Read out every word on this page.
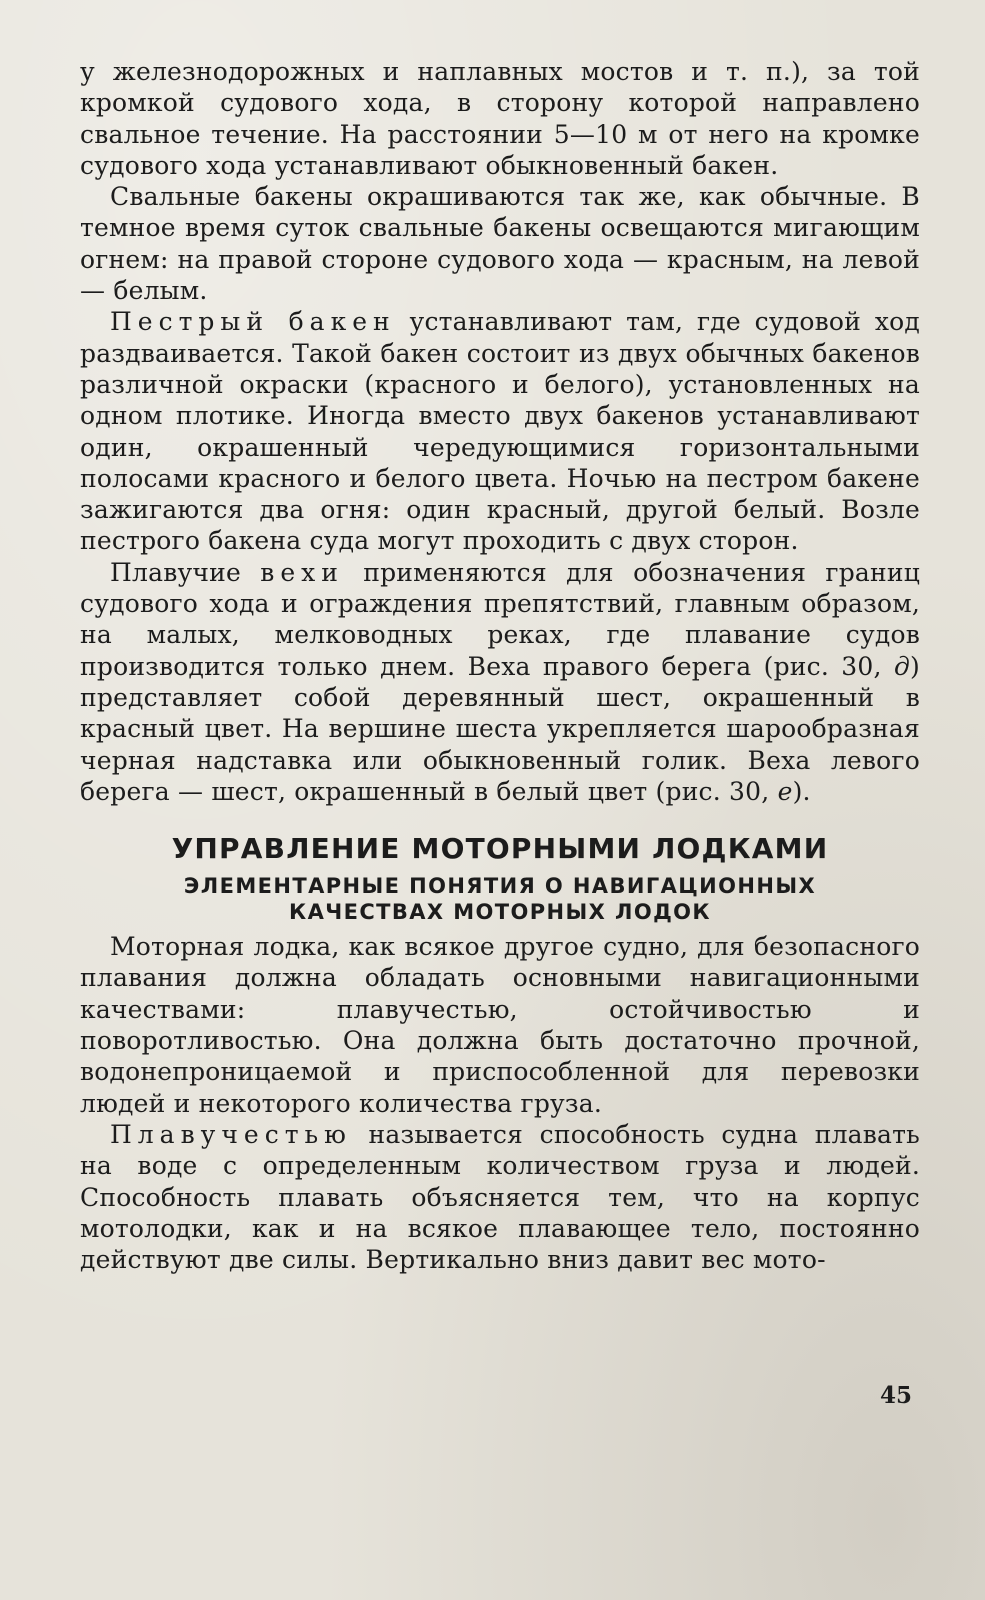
у железнодорожных и наплавных мостов и т. п.), за той кромкой судового хода, в сторону которой направлено свальное течение. На расстоянии 5—10 м от него на кромке судового хода устанавливают обыкновенный бакен.

Свальные бакены окрашиваются так же, как обычные. В темное время суток свальные бакены освещаются мигающим огнем: на правой стороне судового хода — красным, на левой — белым.

Пестрый бакен устанавливают там, где судовой ход раздваивается. Такой бакен состоит из двух обычных бакенов различной окраски (красного и белого), установленных на одном плотике. Иногда вместо двух бакенов устанавливают один, окрашенный чередующимися горизонтальными полосами красного и белого цвета. Ночью на пестром бакене зажигаются два огня: один красный, другой белый. Возле пестрого бакена суда могут проходить с двух сторон.

Плавучие вехи применяются для обозначения границ судового хода и ограждения препятствий, главным образом, на малых, мелководных реках, где плавание судов производится только днем. Веха правого берега (рис. 30, д) представляет собой деревянный шест, окрашенный в красный цвет. На вершине шеста укрепляется шарообразная черная надставка или обыкновенный голик. Веха левого берега — шест, окрашенный в белый цвет (рис. 30, е).

УПРАВЛЕНИЕ МОТОРНЫМИ ЛОДКАМИ
ЭЛЕМЕНТАРНЫЕ ПОНЯТИЯ О НАВИГАЦИОННЫХ
КАЧЕСТВАХ МОТОРНЫХ ЛОДОК

Моторная лодка, как всякое другое судно, для безопасного плавания должна обладать основными навигационными качествами: плавучестью, остойчивостью и поворотливостью. Она должна быть достаточно прочной, водонепроницаемой и приспособленной для перевозки людей и некоторого количества груза.

Плавучестью называется способность судна плавать на воде с определенным количеством груза и людей. Способность плавать объясняется тем, что на корпус мотолодки, как и на всякое плавающее тело, постоянно действуют две силы. Вертикально вниз давит вес мото-

45
